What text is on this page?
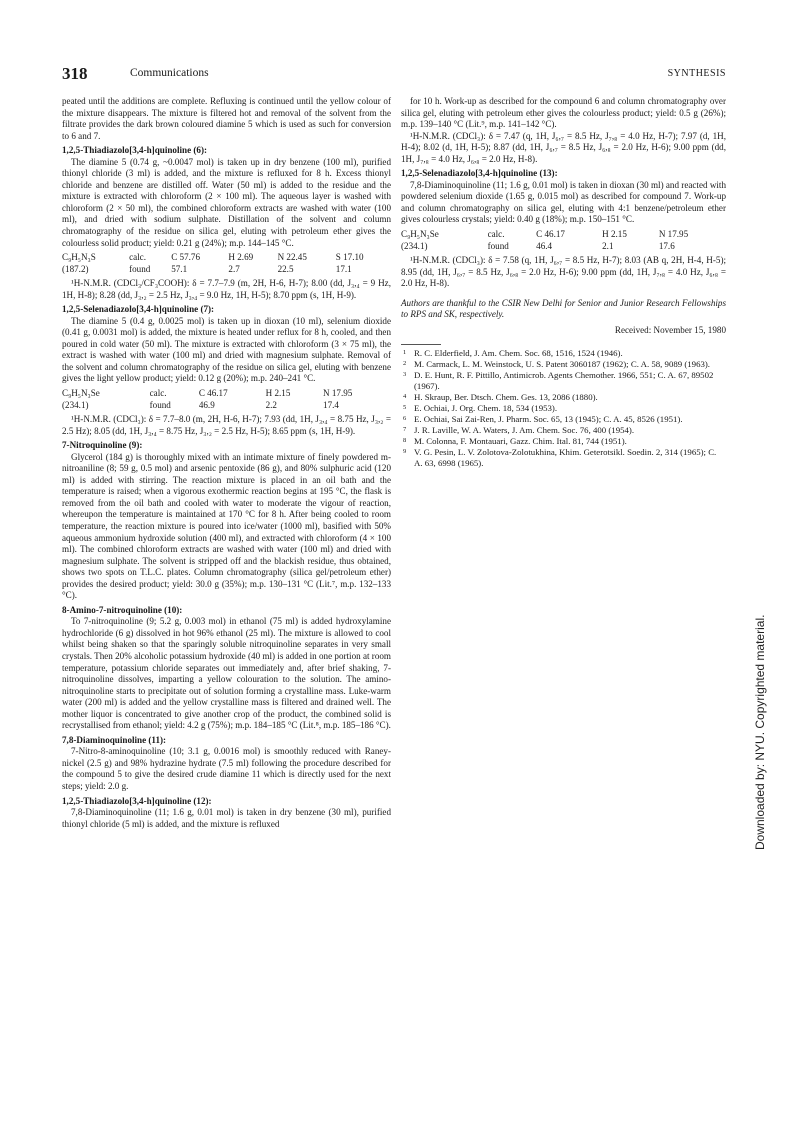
318	Communications	SYNTHESIS

peated until the additions are complete. Refluxing is continued until the yellow colour of the mixture disappears. The mixture is filtered hot and removal of the solvent from the filtrate provides the dark brown coloured diamine 5 which is used as such for conversion to 6 and 7.

1,2,5-Thiadiazolo[3,4-h]quinoline (6):

The diamine 5 (0.74 g, ~0.0047 mol) is taken up in dry benzene (100 ml), purified thionyl chloride (3 ml) is added, and the mixture is refluxed for 8 h. Excess thionyl chloride and benzene are distilled off. Water (50 ml) is added to the residue and the mixture is extracted with chloroform (2 × 100 ml). The aqueous layer is washed with chloroform (2 × 50 ml), the combined chloroform extracts are washed with water (100 ml), and dried with sodium sulphate. Distillation of the solvent and column chromatography of the residue on silica gel, eluting with petroleum ether gives the colourless solid product; yield: 0.21 g (24%); m.p. 144–145 °C.

C₉H₅N₃S	calc.	C 57.76	H 2.69	N 22.45	S 17.10
(187.2)	found	57.1	2.7	22.5	17.1

¹H-N.M.R. (CDCl₃/CF₃COOH): δ = 7.7–7.9 (m, 2H, H-6, H-7); 8.00 (dd, J₃,₄ = 9 Hz, 1H, H-8); 8.28 (dd, J₃,₂ = 2.5 Hz, J₃,₄ = 9.0 Hz, 1H, H-5); 8.70 ppm (s, 1H, H-9).

1,2,5-Selenadiazolo[3,4-h]quinoline (7):

The diamine 5 (0.4 g, 0.0025 mol) is taken up in dioxan (10 ml), selenium dioxide (0.41 g, 0.0031 mol) is added, the mixture is heated under reflux for 8 h, cooled, and then poured in cold water (50 ml). The mixture is extracted with chloroform (3 × 75 ml), the extract is washed with water (100 ml) and dried with magnesium sulphate. Removal of the solvent and column chromatography of the residue on silica gel, eluting with benzene gives the light yellow product; yield: 0.12 g (20%); m.p. 240–241 °C.

C₉H₅N₃Se	calc.	C 46.17	H 2.15	N 17.95
(234.1)	found	46.9	2.2	17.4

¹H-N.M.R. (CDCl₃): δ = 7.7–8.0 (m, 2H, H-6, H-7); 7.93 (dd, 1H, J₃,₄ = 8.75 Hz, J₃,₂ = 2.5 Hz); 8.05 (dd, 1H, J₃,₄ = 8.75 Hz, J₃,₂ = 2.5 Hz, H-5); 8.65 ppm (s, 1H, H-9).

7-Nitroquinoline (9):

Glycerol (184 g) is thoroughly mixed with an intimate mixture of finely powdered m-nitroaniline (8; 59 g, 0.5 mol) and arsenic pentoxide (86 g), and 80% sulphuric acid (120 ml) is added with stirring. The reaction mixture is placed in an oil bath and the temperature is raised; when a vigorous exothermic reaction begins at 195 °C, the flask is removed from the oil bath and cooled with water to moderate the vigour of reaction, whereupon the temperature is maintained at 170 °C for 8 h. After being cooled to room temperature, the reaction mixture is poured into ice/water (1000 ml), basified with 50% aqueous ammonium hydroxide solution (400 ml), and extracted with chloroform (4 × 100 ml). The combined chloroform extracts are washed with water (100 ml) and dried with magnesium sulphate. The solvent is stripped off and the blackish residue, thus obtained, shows two spots on T.L.C. plates. Column chromatography (silica gel/petroleum ether) provides the desired product; yield: 30.0 g (35%); m.p. 130–131 °C (Lit.⁷, m.p. 132–133 °C).

8-Amino-7-nitroquinoline (10):

To 7-nitroquinoline (9; 5.2 g, 0.003 mol) in ethanol (75 ml) is added hydroxylamine hydrochloride (6 g) dissolved in hot 96% ethanol (25 ml). The mixture is allowed to cool whilst being shaken so that the sparingly soluble nitroquinoline separates in very small crystals. Then 20% alcoholic potassium hydroxide (40 ml) is added in one portion at room temperature, potassium chloride separates out immediately and, after brief shaking, 7-nitroquinoline dissolves, imparting a yellow colouration to the solution. The amino-nitroquinoline starts to precipitate out of solution forming a crystalline mass. Luke-warm water (200 ml) is added and the yellow crystalline mass is filtered and drained well. The mother liquor is concentrated to give another crop of the product, the combined solid is recrystallised from ethanol; yield: 4.2 g (75%); m.p. 184–185 °C (Lit.⁸, m.p. 185–186 °C).

7,8-Diaminoquinoline (11):

7-Nitro-8-aminoquinoline (10; 3.1 g, 0.0016 mol) is smoothly reduced with Raney-nickel (2.5 g) and 98% hydrazine hydrate (7.5 ml) following the procedure described for the compound 5 to give the desired crude diamine 11 which is directly used for the next steps; yield: 2.0 g.

1,2,5-Thiadiazolo[3,4-h]quinoline (12):

7,8-Diaminoquinoline (11; 1.6 g, 0.01 mol) is taken in dry benzene (30 ml), purified thionyl chloride (5 ml) is added, and the mixture is refluxed

for 10 h. Work-up as described for the compound 6 and column chromatography over silica gel, eluting with petroleum ether gives the colourless product; yield: 0.5 g (26%); m.p. 139–140 °C (Lit.⁹, m.p. 141–142 °C).

¹H-N.M.R. (CDCl₃): δ = 7.47 (q, 1H, J₆,₇ = 8.5 Hz, J₇,₈ = 4.0 Hz, H-7); 7.97 (d, 1H, H-4); 8.02 (d, 1H, H-5); 8.87 (dd, 1H, J₆,₇ = 8.5 Hz, J₆,₈ = 2.0 Hz, H-6); 9.00 ppm (dd, 1H, J₇,₈ = 4.0 Hz, J₆,₈ = 2.0 Hz, H-8).

1,2,5-Selenadiazolo[3,4-h]quinoline (13):

7,8-Diaminoquinoline (11; 1.6 g, 0.01 mol) is taken in dioxan (30 ml) and reacted with powdered selenium dioxide (1.65 g, 0.015 mol) as described for compound 7. Work-up and column chromatography on silica gel, eluting with 4:1 benzene/petroleum ether gives colourless crystals; yield: 0.40 g (18%); m.p. 150–151 °C.

C₉H₅N₃Se	calc.	C 46.17	H 2.15	N 17.95
(234.1)	found	46.4	2.1	17.6

¹H-N.M.R. (CDCl₃): δ = 7.58 (q, 1H, J₆,₇ = 8.5 Hz, H-7); 8.03 (AB q, 2H, H-4, H-5); 8.95 (dd, 1H, J₆,₇ = 8.5 Hz, J₆,₈ = 2.0 Hz, H-6); 9.00 ppm (dd, 1H, J₇,₈ = 4.0 Hz, J₆,₈ = 2.0 Hz, H-8).

Authors are thankful to the CSIR New Delhi for Senior and Junior Research Fellowships to RPS and SK, respectively.

Received: November 15, 1980

1 R. C. Elderfield, J. Am. Chem. Soc. 68, 1516, 1524 (1946).
2 M. Carmack, L. M. Weinstock, U. S. Patent 3060187 (1962); C. A. 58, 9089 (1963).
3 D. E. Hunt, R. F. Pittillo, Antimicrob. Agents Chemother. 1966, 551; C. A. 67, 89502 (1967).
4 H. Skraup, Ber. Dtsch. Chem. Ges. 13, 2086 (1880).
5 E. Ochiai, J. Org. Chem. 18, 534 (1953).
6 E. Ochiai, Sai Zai-Ren, J. Pharm. Soc. 65, 13 (1945); C. A. 45, 8526 (1951).
7 J. R. Laville, W. A. Waters, J. Am. Chem. Soc. 76, 400 (1954).
8 M. Colonna, F. Montauari, Gazz. Chim. Ital. 81, 744 (1951).
9 V. G. Pesin, L. V. Zolotova-Zolotukhina, Khim. Geterotsikl. Soedin. 2, 314 (1965); C. A. 63, 6998 (1965).
Downloaded by: NYU. Copyrighted material.
